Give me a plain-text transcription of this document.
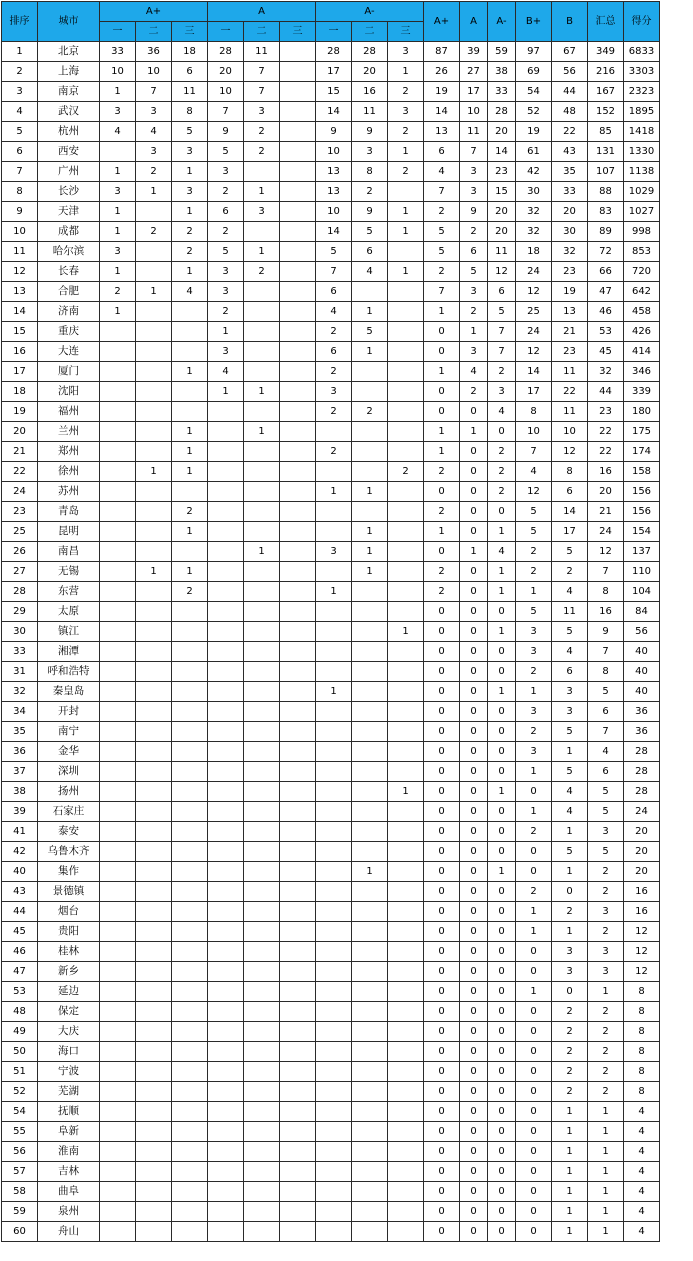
排序	城市	A+			A			A-			A+	A	A-	B+	B	汇总	得分
		一	二	三	一	二	三	一	二	三							
1	北京	33	36	18	28	11		28	28	3	87	39	59	97	67	349	6833
2	上海	10	10	6	20	7		17	20	1	26	27	38	69	56	216	3303
3	南京	1	7	11	10	7		15	16	2	19	17	33	54	44	167	2323
4	武汉	3	3	8	7	3		14	11	3	14	10	28	52	48	152	1895
5	杭州	4	4	5	9	2		9	9	2	13	11	20	19	22	85	1418
6	西安		3	3	5	2		10	3	1	6	7	14	61	43	131	1330
7	广州	1	2	1	3			13	8	2	4	3	23	42	35	107	1138
8	长沙	3	1	3	2	1		13	2		7	3	15	30	33	88	1029
9	天津	1		1	6	3		10	9	1	2	9	20	32	20	83	1027
10	成都	1	2	2	2			14	5	1	5	2	20	32	30	89	998
11	哈尔滨	3		2	5	1		5	6		5	6	11	18	32	72	853
12	长春	1		1	3	2		7	4	1	2	5	12	24	23	66	720
13	合肥	2	1	4	3			6			7	3	6	12	19	47	642
14	济南	1			2			4	1		1	2	5	25	13	46	458
15	重庆				1			2	5		0	1	7	24	21	53	426
16	大连				3			6	1		0	3	7	12	23	45	414
17	厦门			1	4			2			1	4	2	14	11	32	346
18	沈阳				1	1		3			0	2	3	17	22	44	339
19	福州							2	2		0	0	4	8	11	23	180
20	兰州			1		1					1	1	0	10	10	22	175
21	郑州			1				2			1	0	2	7	12	22	174
22	徐州		1	1						2	2	0	2	4	8	16	158
24	苏州							1	1		0	0	2	12	6	20	156
23	青岛			2							2	0	0	5	14	21	156
25	昆明			1					1		1	0	1	5	17	24	154
26	南昌					1		3	1		0	1	4	2	5	12	137
27	无锡		1	1					1		2	0	1	2	2	7	110
28	东营			2				1			2	0	1	1	4	8	104
29	太原										0	0	0	5	11	16	84
30	镇江									1	0	0	1	3	5	9	56
33	湘潭										0	0	0	3	4	7	40
31	呼和浩特										0	0	0	2	6	8	40
32	秦皇岛							1			0	0	1	1	3	5	40
34	开封										0	0	0	3	3	6	36
35	南宁										0	0	0	2	5	7	36
36	金华										0	0	0	3	1	4	28
37	深圳										0	0	0	1	5	6	28
38	扬州									1	0	0	1	0	4	5	28
39	石家庄										0	0	0	1	4	5	24
41	泰安										0	0	0	2	1	3	20
42	乌鲁木齐										0	0	0	0	5	5	20
40	集作								1		0	0	1	0	1	2	20
43	景德镇										0	0	0	2	0	2	16
44	烟台										0	0	0	1	2	3	16
45	贵阳										0	0	0	1	1	2	12
46	桂林										0	0	0	0	3	3	12
47	新乡										0	0	0	0	3	3	12
53	延边										0	0	0	1	0	1	8
48	保定										0	0	0	0	2	2	8
49	大庆										0	0	0	0	2	2	8
50	海口										0	0	0	0	2	2	8
51	宁波										0	0	0	0	2	2	8
52	芜湖										0	0	0	0	2	2	8
54	抚顺										0	0	0	0	1	1	4
55	阜新										0	0	0	0	1	1	4
56	淮南										0	0	0	0	1	1	4
57	吉林										0	0	0	0	1	1	4
58	曲阜										0	0	0	0	1	1	4
59	泉州										0	0	0	0	1	1	4
60	舟山										0	0	0	0	1	1	4
